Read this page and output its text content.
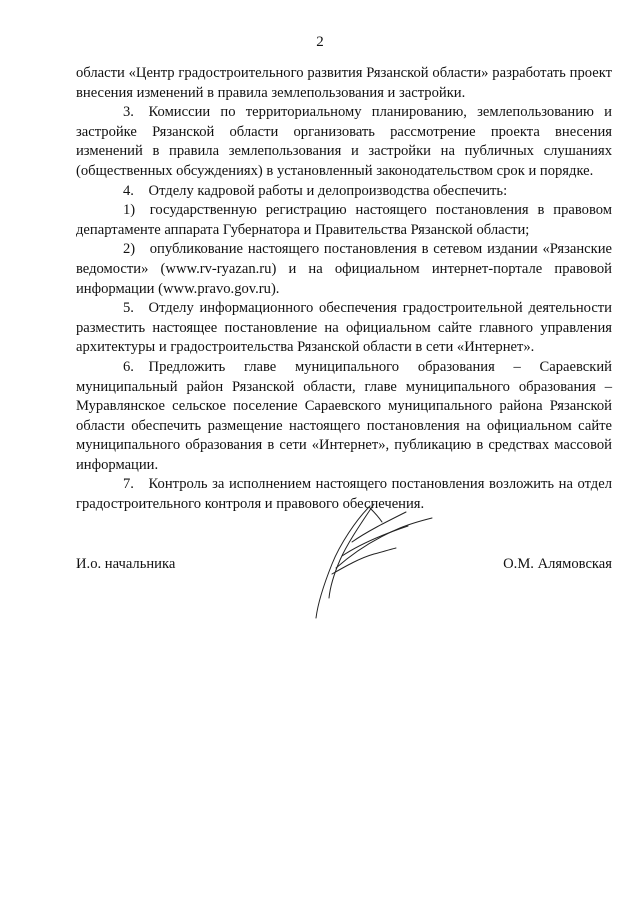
2

области «Центр градостроительного развития Рязанской области» разработать проект внесения изменений в правила землепользования и застройки.

3. Комиссии по территориальному планированию, землепользованию и застройке Рязанской области организовать рассмотрение проекта внесения изменений в правила землепользования и застройки на публичных слушаниях (общественных обсуждениях) в установленный законодательством срок и порядке.

4. Отделу кадровой работы и делопроизводства обеспечить:

1) государственную регистрацию настоящего постановления в правовом департаменте аппарата Губернатора и Правительства Рязанской области;

2) опубликование настоящего постановления в сетевом издании «Рязанские ведомости» (www.rv-ryazan.ru) и на официальном интернет-портале правовой информации (www.pravo.gov.ru).

5. Отделу информационного обеспечения градостроительной деятельности разместить настоящее постановление на официальном сайте главного управления архитектуры и градостроительства Рязанской области в сети «Интернет».

6. Предложить главе муниципального образования – Сараевский муниципальный район Рязанской области, главе муниципального образования – Муравлянское сельское поселение Сараевского муниципального района Рязанской области обеспечить размещение настоящего постановления на официальном сайте муниципального образования в сети «Интернет», публикацию в средствах массовой информации.

7. Контроль за исполнением настоящего постановления возложить на отдел градостроительного контроля и правового обеспечения.

И.о. начальника	О.М. Алямовская
